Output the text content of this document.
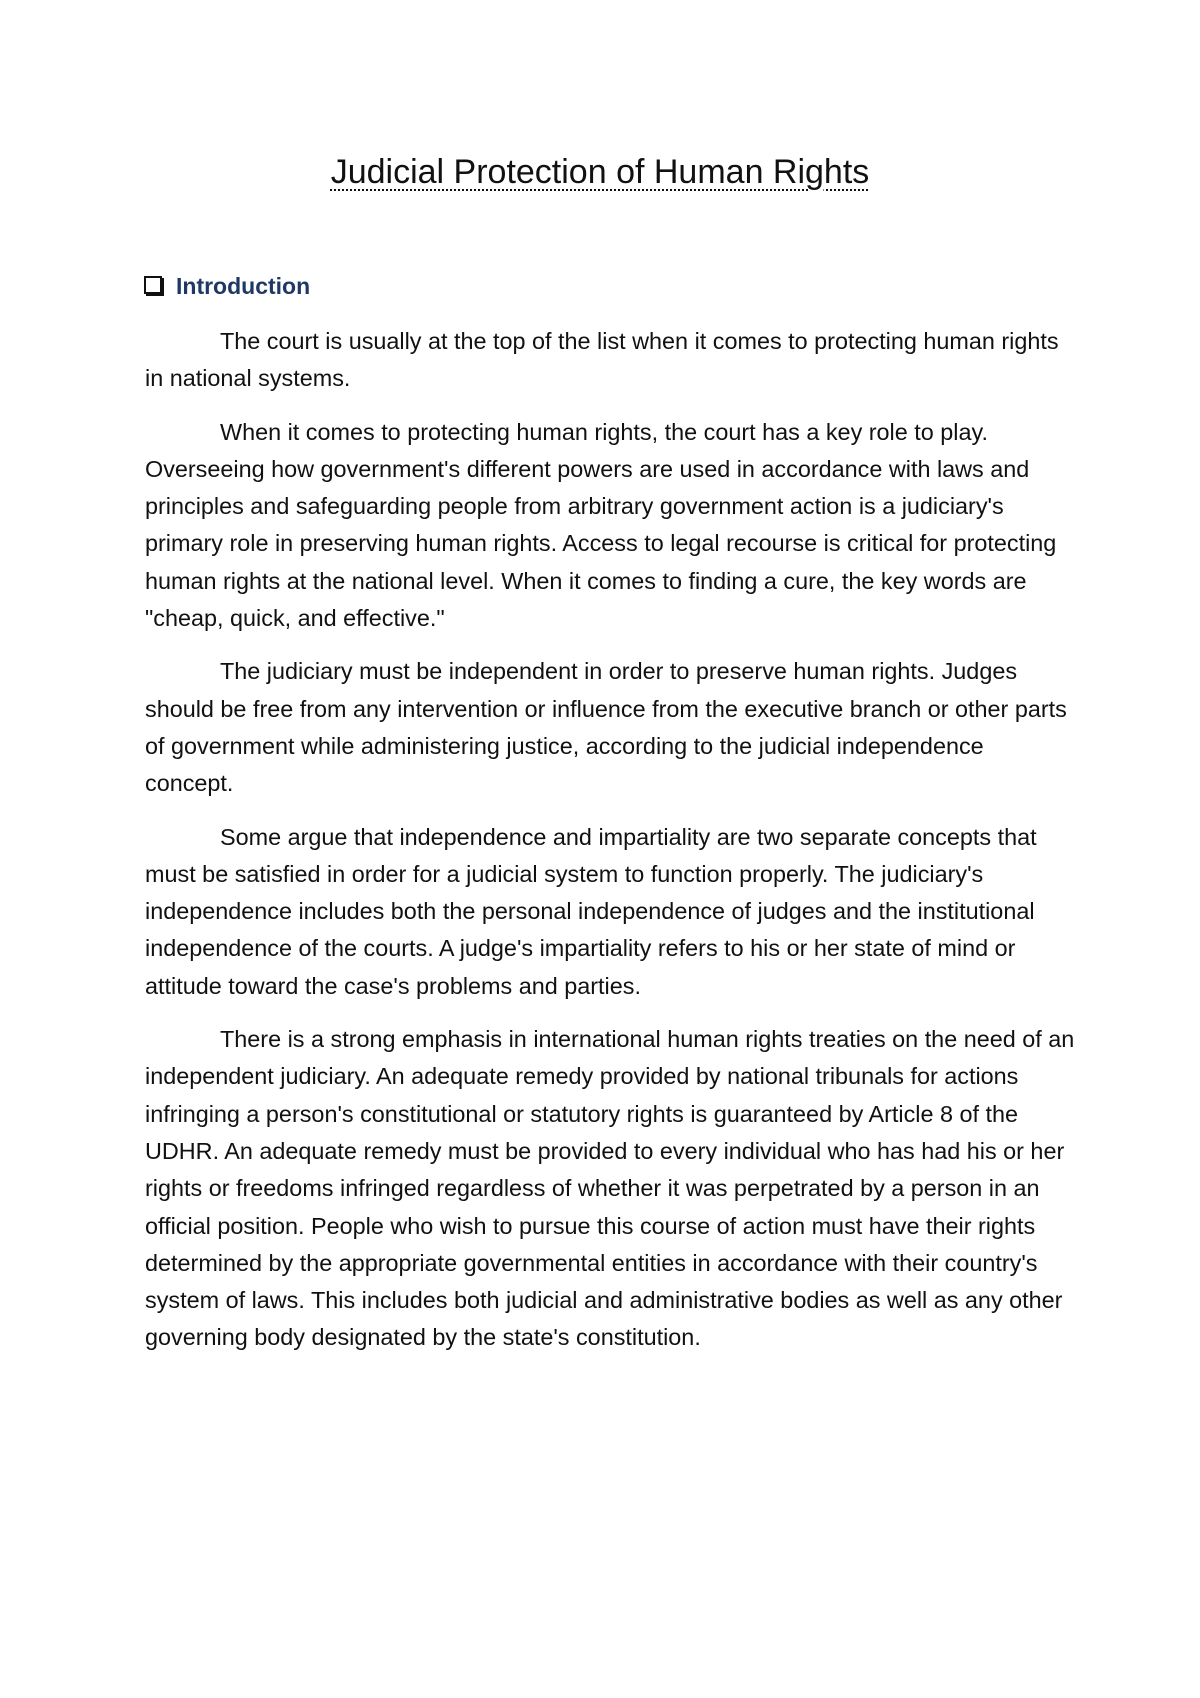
Judicial Protection of Human Rights
Introduction

The court is usually at the top of the list when it comes to protecting human rights in national systems.

When it comes to protecting human rights, the court has a key role to play. Overseeing how government's different powers are used in accordance with laws and principles and safeguarding people from arbitrary government action is a judiciary's primary role in preserving human rights. Access to legal recourse is critical for protecting human rights at the national level. When it comes to finding a cure, the key words are "cheap, quick, and effective."

The judiciary must be independent in order to preserve human rights. Judges should be free from any intervention or influence from the executive branch or other parts of government while administering justice, according to the judicial independence concept.

Some argue that independence and impartiality are two separate concepts that must be satisfied in order for a judicial system to function properly. The judiciary's independence includes both the personal independence of judges and the institutional independence of the courts. A judge's impartiality refers to his or her state of mind or attitude toward the case's problems and parties.

There is a strong emphasis in international human rights treaties on the need of an independent judiciary. An adequate remedy provided by national tribunals for actions infringing a person's constitutional or statutory rights is guaranteed by Article 8 of the UDHR. An adequate remedy must be provided to every individual who has had his or her rights or freedoms infringed regardless of whether it was perpetrated by a person in an official position. People who wish to pursue this course of action must have their rights determined by the appropriate governmental entities in accordance with their country's system of laws. This includes both judicial and administrative bodies as well as any other governing body designated by the state's constitution.
